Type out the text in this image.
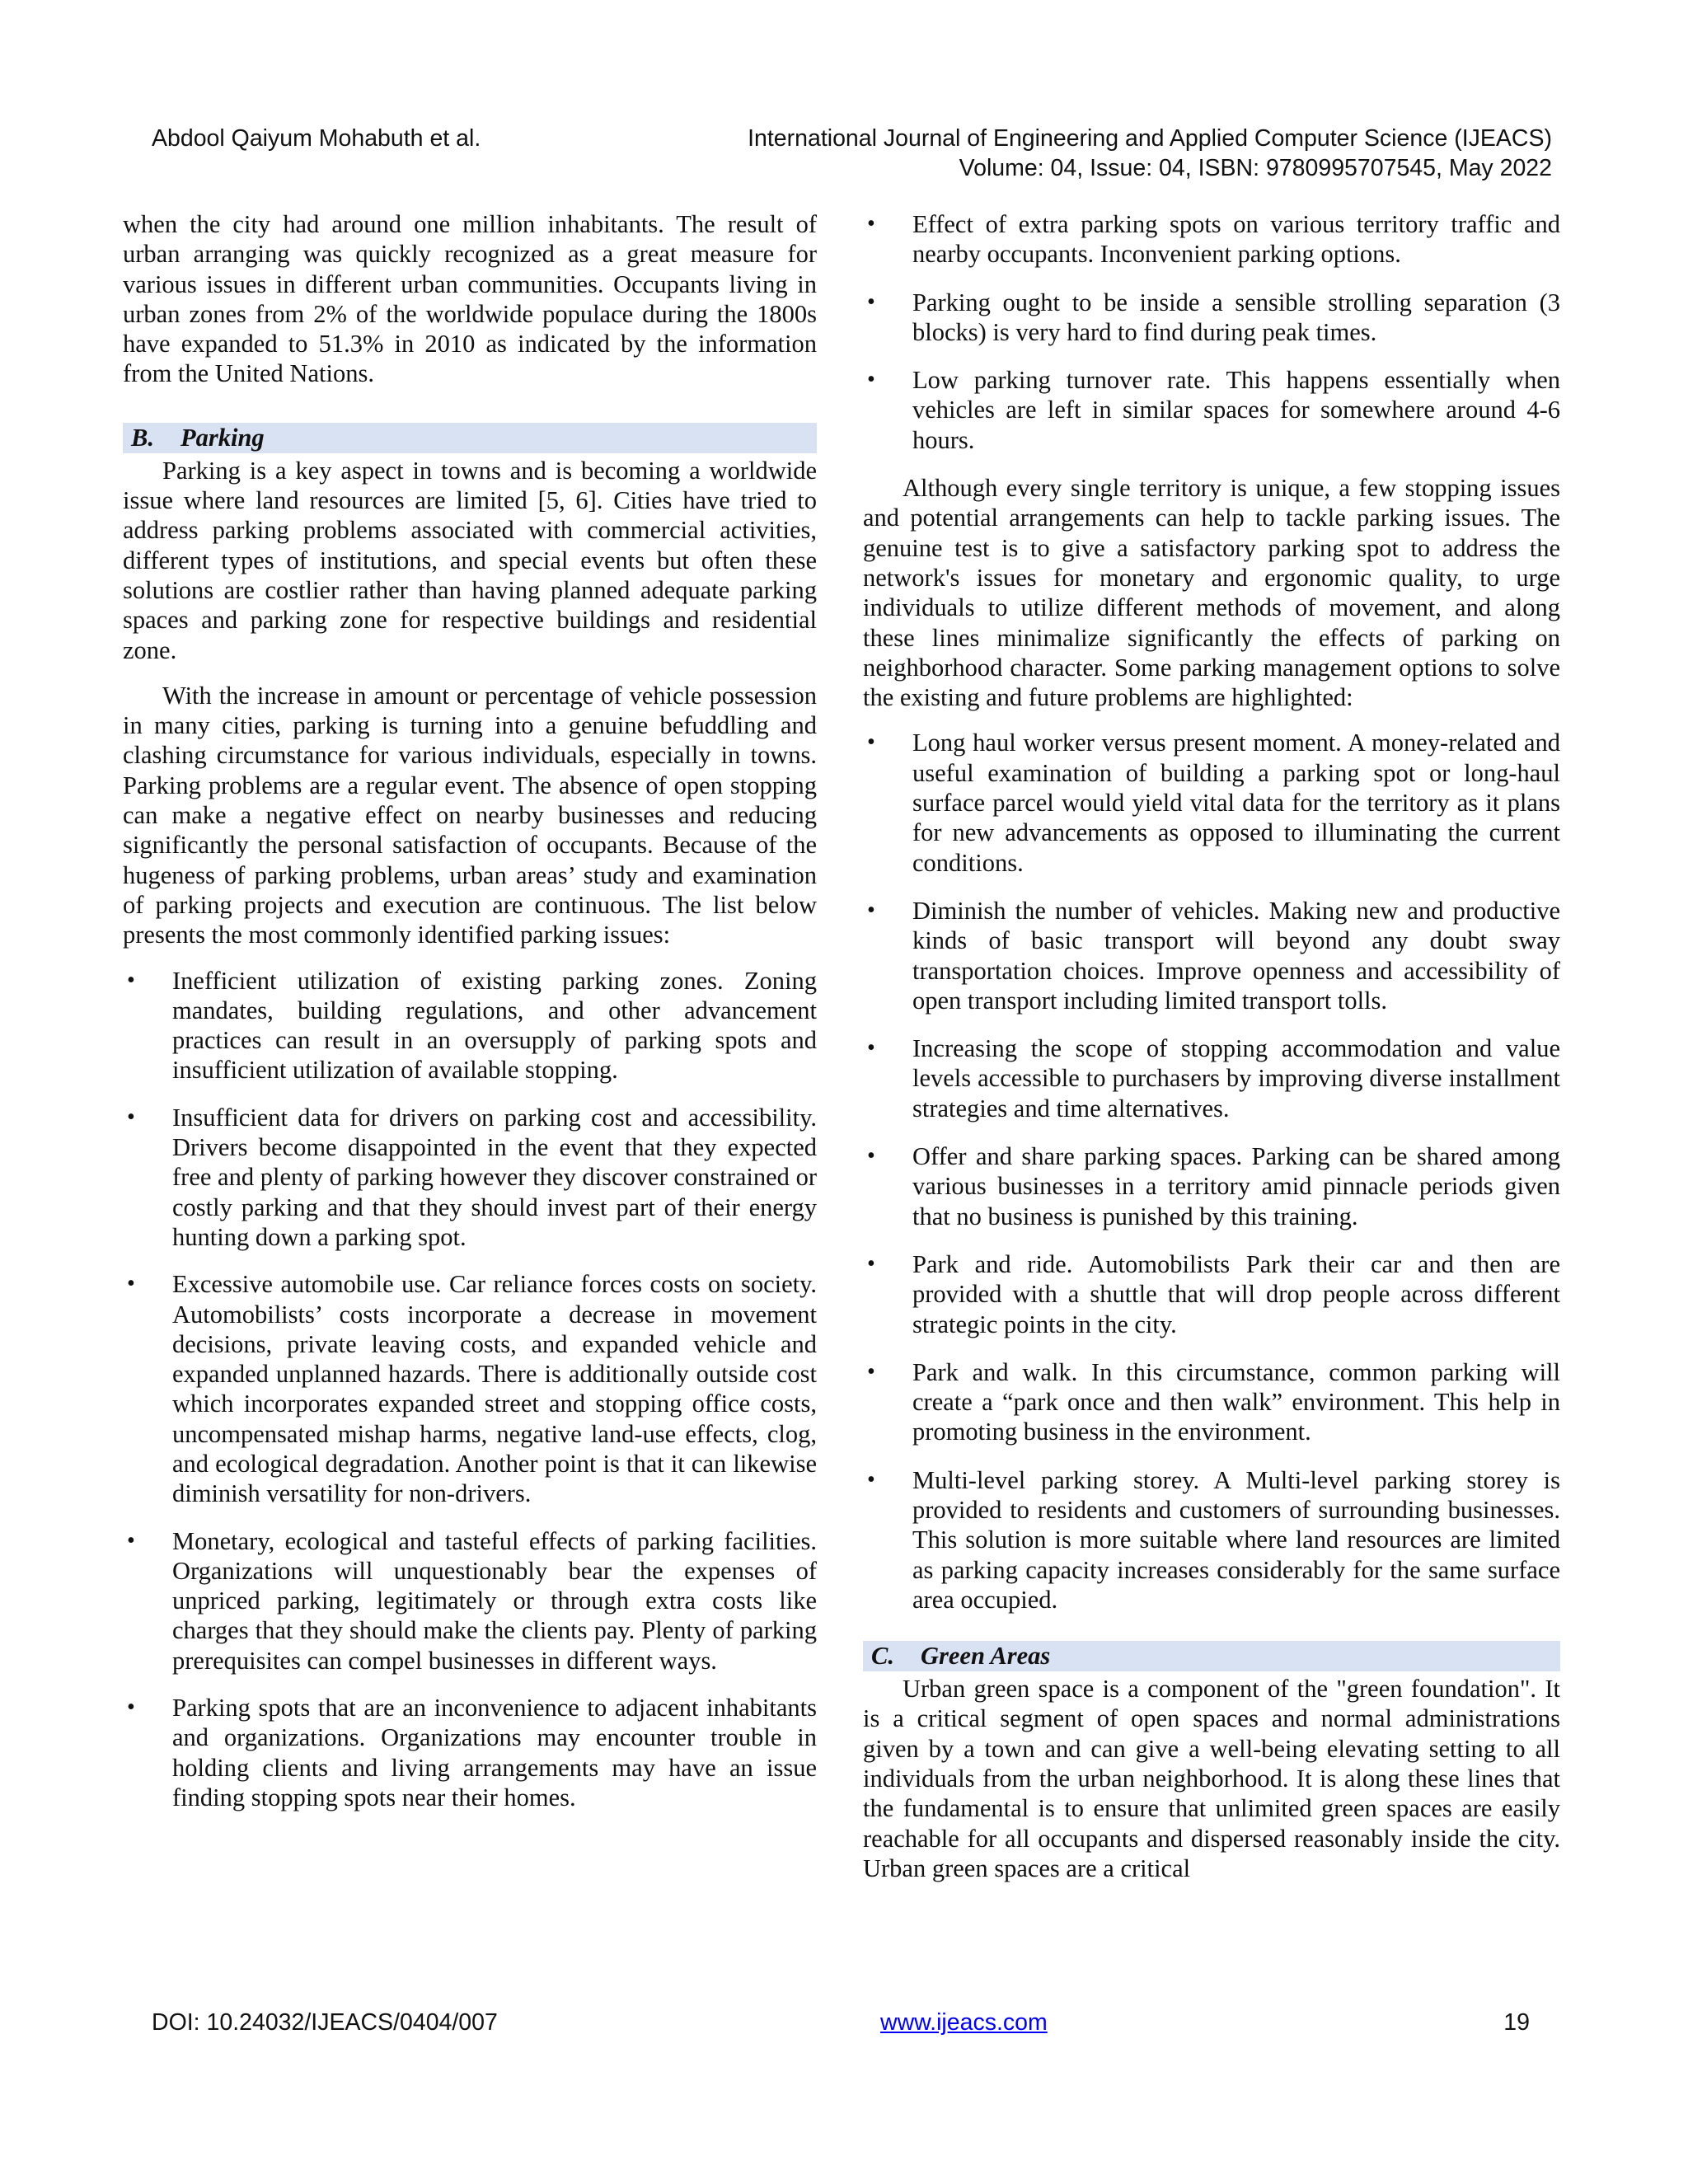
Abdool Qaiyum Mohabuth et al.	International Journal of Engineering and Applied Computer Science (IJEACS)
Volume: 04, Issue: 04, ISBN: 9780995707545, May 2022

when the city had around one million inhabitants. The result of urban arranging was quickly recognized as a great measure for various issues in different urban communities. Occupants living in urban zones from 2% of the worldwide populace during the 1800s have expanded to 51.3% in 2010 as indicated by the information from the United Nations.

B. Parking

Parking is a key aspect in towns and is becoming a worldwide issue where land resources are limited [5, 6]. Cities have tried to address parking problems associated with commercial activities, different types of institutions, and special events but often these solutions are costlier rather than having planned adequate parking spaces and parking zone for respective buildings and residential zone.

With the increase in amount or percentage of vehicle possession in many cities, parking is turning into a genuine befuddling and clashing circumstance for various individuals, especially in towns. Parking problems are a regular event. The absence of open stopping can make a negative effect on nearby businesses and reducing significantly the personal satisfaction of occupants. Because of the hugeness of parking problems, urban areas’ study and examination of parking projects and execution are continuous. The list below presents the most commonly identified parking issues:

• Inefficient utilization of existing parking zones. Zoning mandates, building regulations, and other advancement practices can result in an oversupply of parking spots and insufficient utilization of available stopping.
• Insufficient data for drivers on parking cost and accessibility. Drivers become disappointed in the event that they expected free and plenty of parking however they discover constrained or costly parking and that they should invest part of their energy hunting down a parking spot.
• Excessive automobile use. Car reliance forces costs on society. Automobilists’ costs incorporate a decrease in movement decisions, private leaving costs, and expanded vehicle and expanded unplanned hazards. There is additionally outside cost which incorporates expanded street and stopping office costs, uncompensated mishap harms, negative land-use effects, clog, and ecological degradation. Another point is that it can likewise diminish versatility for non-drivers.
• Monetary, ecological and tasteful effects of parking facilities. Organizations will unquestionably bear the expenses of unpriced parking, legitimately or through extra costs like charges that they should make the clients pay. Plenty of parking prerequisites can compel businesses in different ways.
• Parking spots that are an inconvenience to adjacent inhabitants and organizations. Organizations may encounter trouble in holding clients and living arrangements may have an issue finding stopping spots near their homes.
• Effect of extra parking spots on various territory traffic and nearby occupants. Inconvenient parking options.
• Parking ought to be inside a sensible strolling separation (3 blocks) is very hard to find during peak times.
• Low parking turnover rate. This happens essentially when vehicles are left in similar spaces for somewhere around 4-6 hours.

Although every single territory is unique, a few stopping issues and potential arrangements can help to tackle parking issues. The genuine test is to give a satisfactory parking spot to address the network's issues for monetary and ergonomic quality, to urge individuals to utilize different methods of movement, and along these lines minimalize significantly the effects of parking on neighborhood character. Some parking management options to solve the existing and future problems are highlighted:

• Long haul worker versus present moment. A money-related and useful examination of building a parking spot or long-haul surface parcel would yield vital data for the territory as it plans for new advancements as opposed to illuminating the current conditions.
• Diminish the number of vehicles. Making new and productive kinds of basic transport will beyond any doubt sway transportation choices. Improve openness and accessibility of open transport including limited transport tolls.
• Increasing the scope of stopping accommodation and value levels accessible to purchasers by improving diverse installment strategies and time alternatives.
• Offer and share parking spaces. Parking can be shared among various businesses in a territory amid pinnacle periods given that no business is punished by this training.
• Park and ride. Automobilists Park their car and then are provided with a shuttle that will drop people across different strategic points in the city.
• Park and walk. In this circumstance, common parking will create a “park once and then walk” environment. This help in promoting business in the environment.
• Multi-level parking storey. A Multi-level parking storey is provided to residents and customers of surrounding businesses. This solution is more suitable where land resources are limited as parking capacity increases considerably for the same surface area occupied.
C. Green Areas

Urban green space is a component of the "green foundation". It is a critical segment of open spaces and normal administrations given by a town and can give a well-being elevating setting to all individuals from the urban neighborhood. It is along these lines that the fundamental is to ensure that unlimited green spaces are easily reachable for all occupants and dispersed reasonably inside the city. Urban green spaces are a critical

DOI: 10.24032/IJEACS/0404/007	www.ijeacs.com	19
